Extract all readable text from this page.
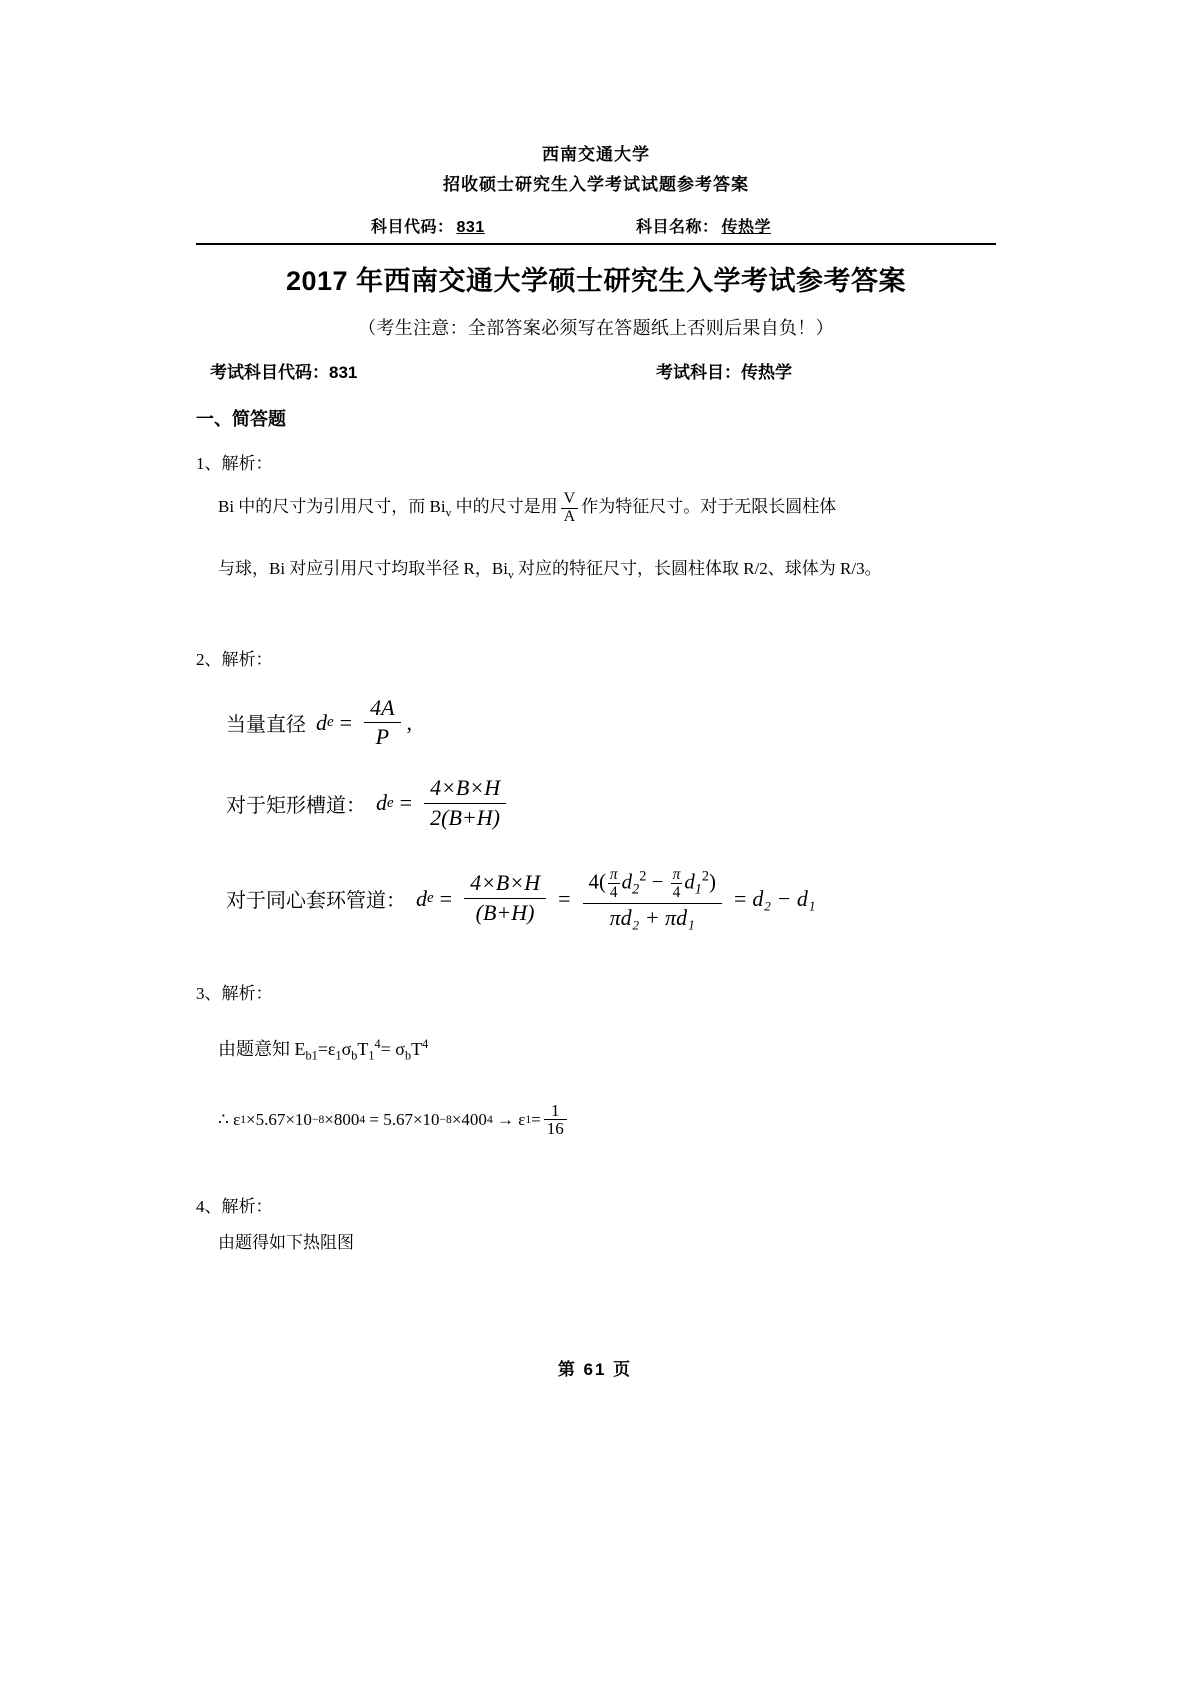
西南交通大学
招收硕士研究生入学考试试题参考答案
科目代码： 831	科目名称： 传热学
2017 年西南交通大学硕士研究生入学考试参考答案
（考生注意：全部答案必须写在答题纸上否则后果自负！）
考试科目代码：831	考试科目：传热学
一、简答题
1、解析：
Bi 中的尺寸为引用尺寸，而 $Bi_v$ 中的尺寸是用 $\frac{V}{A}$ 作为特征尺寸。对于无限长圆柱体
与球，Bi 对应引用尺寸均取半径 R，$Bi_v$ 对应的特征尺寸，长圆柱体取 R/2、球体为 R/3。
2、解析：
当量直径 d $e = \frac{4A}{P}$ ,
对于矩形槽道： d $e = \frac{4\times B\times H}{2(B+H)}$
对于同心套环管道： d $e = \frac{4\times B\times H}{(B+H)} = \frac{4( \frac{\pi}{4} d_2^2 - \frac{\pi}{4} d_1^2)}{\text{πd₂ + πd₁}} = d_2 - d_1$
3、解析：
由题意知 $E_{b1}=\varepsilon_1\sigma_bT_1^4= \sigma_bT^4$
∴ ε 1 ×5.67×10 −8 ×800 4
= 5.67×10 −8 ×400 4
→ ε $1 = \frac{1}{16}$
4、解析：
由题得如下热阻图
第 61 页
